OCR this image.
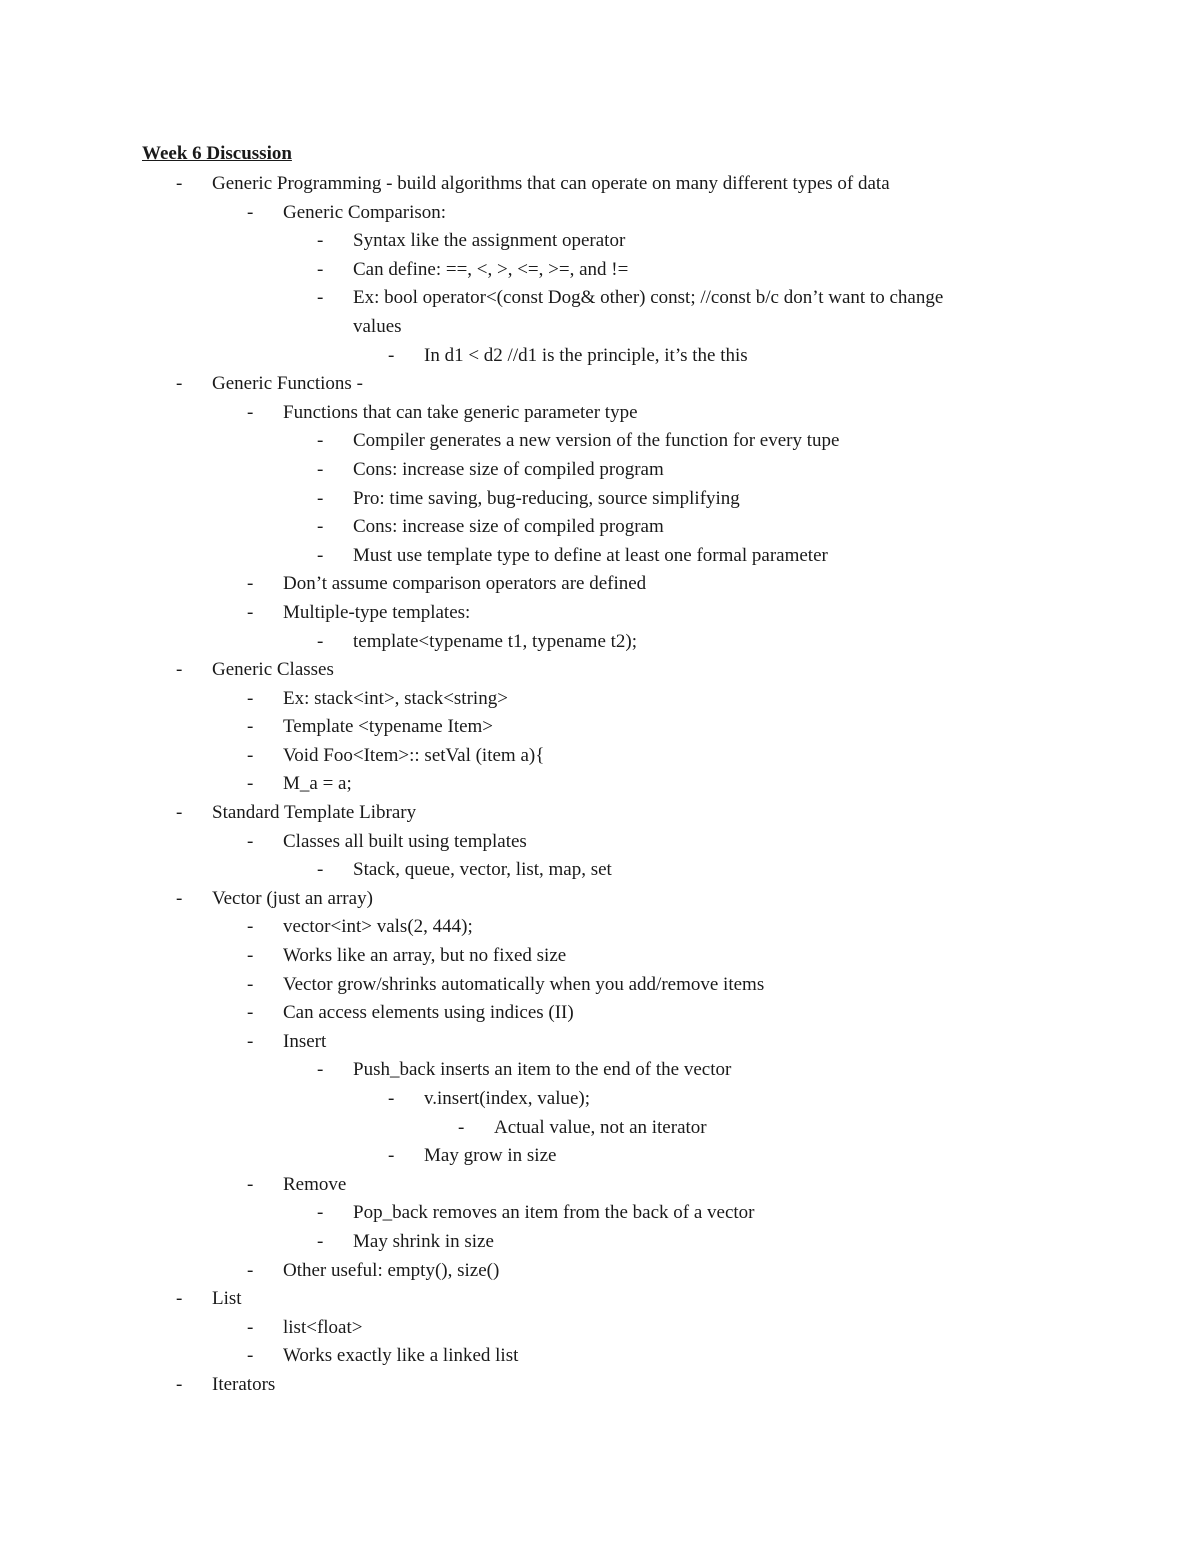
Week 6 Discussion
- Generic Programming - build algorithms that can operate on many different types of data
- Generic Comparison:
- Syntax like the assignment operator
- Can define: ==, <, >, <=, >=, and !=
- Ex: bool operator<(const Dog& other) const; //const b/c don’t want to change
values
- In d1 < d2 //d1 is the principle, it’s the this
- Generic Functions -
- Functions that can take generic parameter type
- Compiler generates a new version of the function for every tupe
- Cons: increase size of compiled program
- Pro: time saving, bug-reducing, source simplifying
- Cons: increase size of compiled program
- Must use template type to define at least one formal parameter
- Don’t assume comparison operators are defined
- Multiple-type templates:
- template<typename t1, typename t2);
- Generic Classes
- Ex: stack<int>, stack<string>
- Template <typename Item>
- Void Foo<Item>:: setVal (item a){
- M_a = a;
- Standard Template Library
- Classes all built using templates
- Stack, queue, vector, list, map, set
- Vector (just an array)
- vector<int> vals(2, 444);
- Works like an array, but no fixed size
- Vector grow/shrinks automatically when you add/remove items
- Can access elements using indices (II)
- Insert
- Push_back inserts an item to the end of the vector
- v.insert(index, value);
- Actual value, not an iterator
- May grow in size
- Remove
- Pop_back removes an item from the back of a vector
- May shrink in size
- Other useful: empty(), size()
- List
- list<float>
- Works exactly like a linked list
- Iterators
